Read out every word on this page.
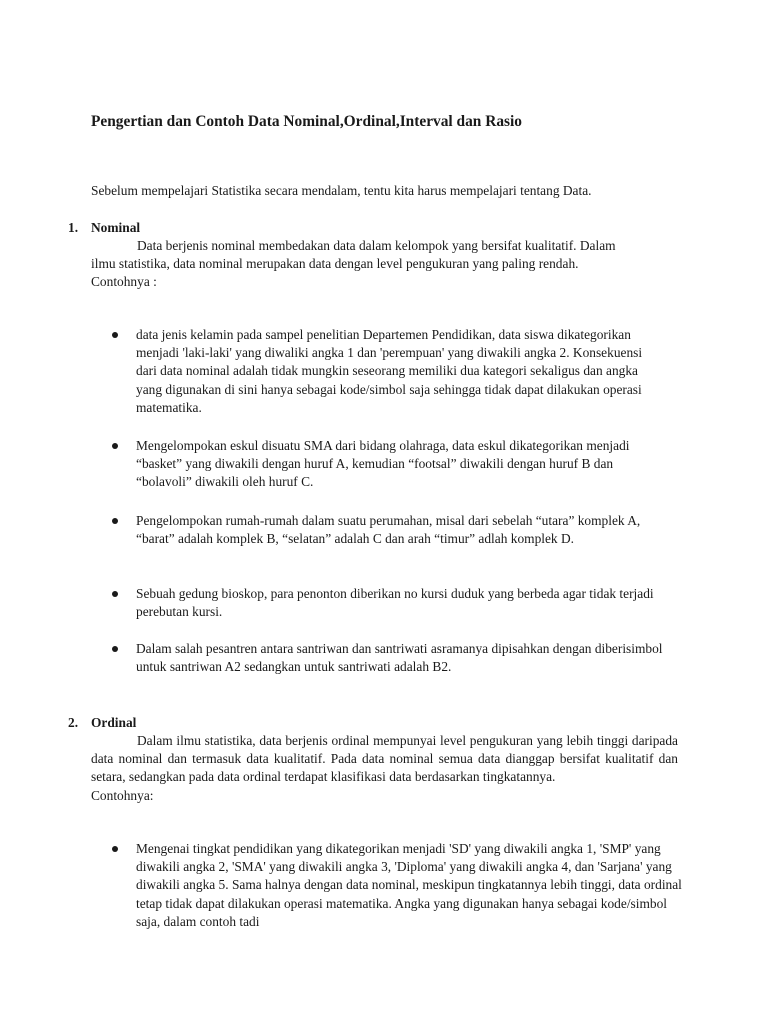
Pengertian dan Contoh Data Nominal,Ordinal,Interval dan Rasio
Sebelum mempelajari Statistika secara mendalam, tentu kita harus mempelajari tentang Data.
1. Nominal
Data berjenis nominal membedakan data dalam kelompok yang bersifat kualitatif. Dalam
ilmu statistika, data nominal merupakan data dengan level pengukuran yang paling rendah.
Contohnya :
data jenis kelamin pada sampel penelitian Departemen Pendidikan, data siswa dikategorikan menjadi 'laki-laki' yang diwaliki angka 1 dan 'perempuan' yang diwakili angka 2. Konsekuensi dari data nominal adalah tidak mungkin seseorang memiliki dua kategori sekaligus dan angka yang digunakan di sini hanya sebagai kode/simbol saja sehingga tidak dapat dilakukan operasi matematika.
Mengelompokan eskul disuatu SMA dari bidang olahraga, data eskul dikategorikan menjadi “basket” yang diwakili dengan huruf A, kemudian “footsal” diwakili dengan huruf B dan “bolavoli” diwakili oleh huruf C.
Pengelompokan rumah-rumah dalam suatu perumahan, misal dari sebelah “utara” komplek A, “barat” adalah komplek B, “selatan” adalah C dan arah “timur” adlah komplek D.
Sebuah gedung bioskop, para penonton diberikan no kursi duduk yang berbeda agar tidak terjadi perebutan kursi.
Dalam salah pesantren antara santriwan dan santriwati asramanya dipisahkan dengan diberisimbol untuk santriwan A2 sedangkan untuk santriwati adalah B2.
2. Ordinal
Dalam ilmu statistika, data berjenis ordinal mempunyai level pengukuran yang lebih tinggi daripada data nominal dan termasuk data kualitatif. Pada data nominal semua data dianggap bersifat kualitatif dan setara, sedangkan pada data ordinal terdapat klasifikasi data berdasarkan tingkatannya.
Contohnya:
Mengenai tingkat pendidikan yang dikategorikan menjadi 'SD' yang diwakili angka 1, 'SMP' yang diwakili angka 2, 'SMA' yang diwakili angka 3, 'Diploma' yang diwakili angka 4, dan 'Sarjana' yang diwakili angka 5. Sama halnya dengan data nominal, meskipun tingkatannya lebih tinggi, data ordinal tetap tidak dapat dilakukan operasi matematika. Angka yang digunakan hanya sebagai kode/simbol saja, dalam contoh tadi
